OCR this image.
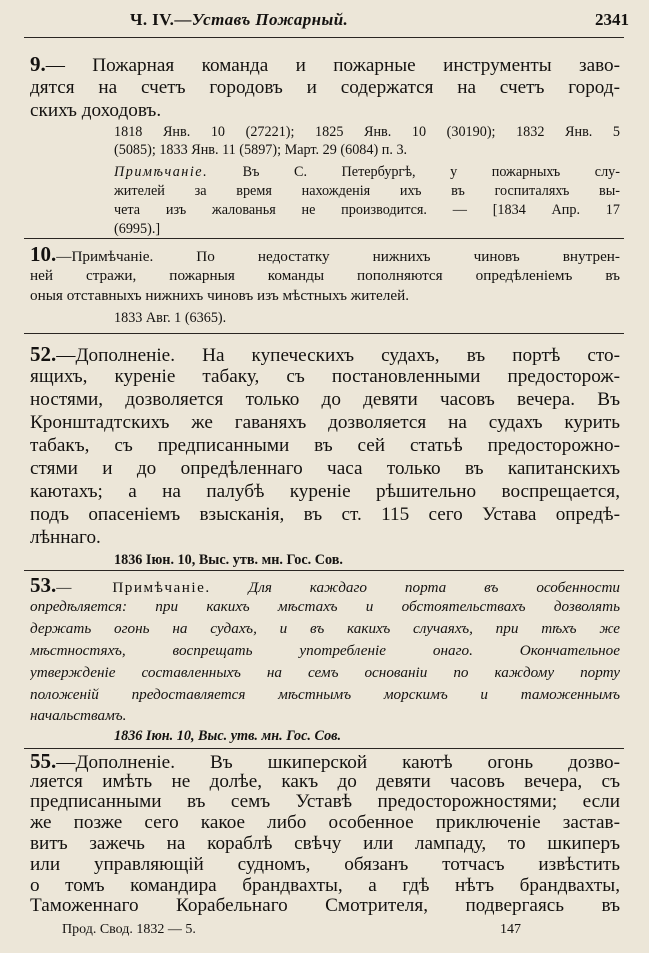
Ч. IV.—Уставъ Пожарный.	2341
9.— Пожарная команда и пожарные инструменты заво-
дятся на счетъ городовъ и содержатся на счетъ город-
скихъ доходовъ.
1818 Янв. 10 (27221); 1825 Янв. 10 (30190); 1832 Янв. 5
(5085); 1833 Янв. 11 (5897); Март. 29 (6084) п. 3.
Примѣчаніе. Въ С. Петербургѣ, у пожарныхъ слу-
жителей за время нахожденія ихъ въ госпиталяхъ вы-
чета изъ жалованья не производится. — [1834 Апр. 17
(6995).]
10.—Примѣчаніе. По недостатку нижнихъ чиновъ внутрен-
ней стражи, пожарныя команды пополняются опредѣленіемъ въ
оныя отставныхъ нижнихъ чиновъ изъ мѣстныхъ жителей.
1833 Авг. 1 (6365).
52.—Дополненіе. На купеческихъ судахъ, въ портѣ сто-
ящихъ, куреніе табаку, съ постановленными предосторож-
ностями, дозволяется только до девяти часовъ вечера. Въ
Кронштадтскихъ же гаваняхъ дозволяется на судахъ курить
табакъ, съ предписанными въ сей статьѣ предосторожно-
стями и до опредѣленнаго часа только въ капитанскихъ
каютахъ; а на палубѣ куреніе рѣшительно воспрещается,
подъ опасеніемъ взысканія, въ ст. 115 сего Устава опредѣ-
лѣннаго.
1836 Іюн. 10, Выс. утв. мн. Гос. Сов.
53.— Примѣчаніе. Для каждаго порта въ особенности
опредѣляется: при какихъ мѣстахъ и обстоятельствахъ дозволять
держать огонь на судахъ, и въ какихъ случаяхъ, при тѣхъ же
мѣстностяхъ, воспрещать употребленіе онаго. Окончательное
утвержденіе составленныхъ на семъ основаніи по каждому порту
положеній предоставляется мѣстнымъ морскимъ и таможеннымъ
начальствамъ.
1836 Іюн. 10, Выс. утв. мн. Гос. Сов.
55.—Дополненіе. Въ шкиперской каютѣ огонь дозво-
ляется имѣть не долѣе, какъ до девяти часовъ вечера, съ
предписанными въ семъ Уставѣ предосторожностями; если
же позже сего какое либо особенное приключеніе застав-
витъ зажечь на кораблѣ свѣчу или лампаду, то шкиперъ
или управляющій судномъ, обязанъ тотчасъ извѣстить
о томъ командира брандвахты, а гдѣ нѣтъ брандвахты,
Таможеннаго Корабельнаго Смотрителя, подвергаясь въ
Прод. Свод. 1832 — 5.	147
